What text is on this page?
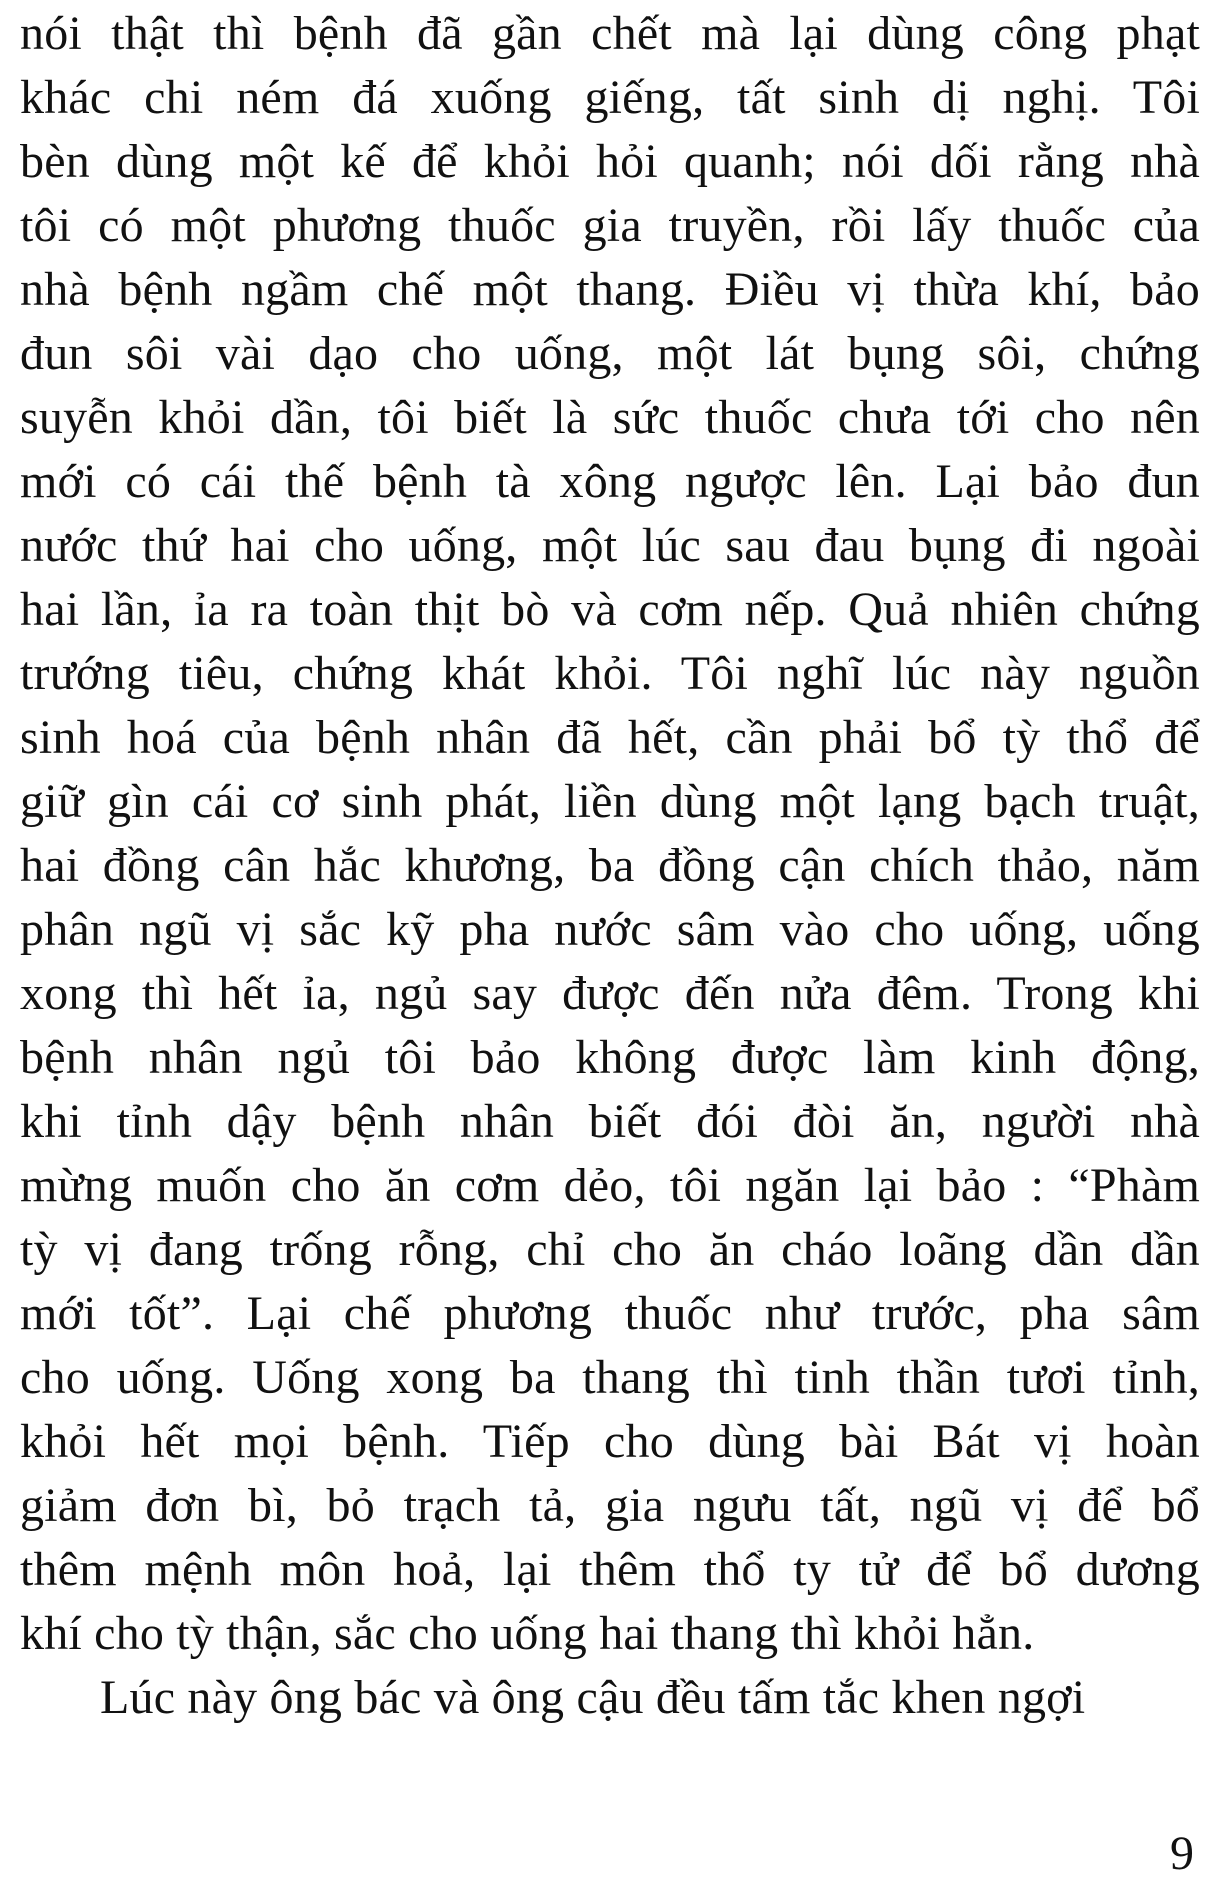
nói thật thì bệnh đã gần chết mà lại dùng công phạt
khác chi ném đá xuống giếng, tất sinh dị nghị. Tôi
bèn dùng một kế để khỏi hỏi quanh; nói dối rằng nhà
tôi có một phương thuốc gia truyền, rồi lấy thuốc của
nhà bệnh ngầm chế một thang. Điều vị thừa khí, bảo
đun sôi vài dạo cho uống, một lát bụng sôi, chứng
suyễn khỏi dần, tôi biết là sức thuốc chưa tới cho nên
mới có cái thế bệnh tà xông ngược lên. Lại bảo đun
nước thứ hai cho uống, một lúc sau đau bụng đi ngoài
hai lần, ỉa ra toàn thịt bò và cơm nếp. Quả nhiên chứng
trướng tiêu, chứng khát khỏi. Tôi nghĩ lúc này nguồn
sinh hoá của bệnh nhân đã hết, cần phải bổ tỳ thổ để
giữ gìn cái cơ sinh phát, liền dùng một lạng bạch truật,
hai đồng cân hắc khương, ba đồng cận chích thảo, năm
phân ngũ vị sắc kỹ pha nước sâm vào cho uống, uống
xong thì hết ỉa, ngủ say được đến nửa đêm. Trong khi
bệnh nhân ngủ tôi bảo không được làm kinh động,
khi tỉnh dậy bệnh nhân biết đói đòi ăn, người nhà
mừng muốn cho ăn cơm dẻo, tôi ngăn lại bảo : “Phàm
tỳ vị đang trống rỗng, chỉ cho ăn cháo loãng dần dần
mới tốt”. Lại chế phương thuốc như trước, pha sâm
cho uống. Uống xong ba thang thì tinh thần tươi tỉnh,
khỏi hết mọi bệnh. Tiếp cho dùng bài Bát vị hoàn
giảm đơn bì, bỏ trạch tả, gia ngưu tất, ngũ vị để bổ
thêm mệnh môn hoả, lại thêm thổ ty tử để bổ dương
khí cho tỳ thận, sắc cho uống hai thang thì khỏi hẳn.
Lúc này ông bác và ông cậu đều tấm tắc khen ngợi
9
